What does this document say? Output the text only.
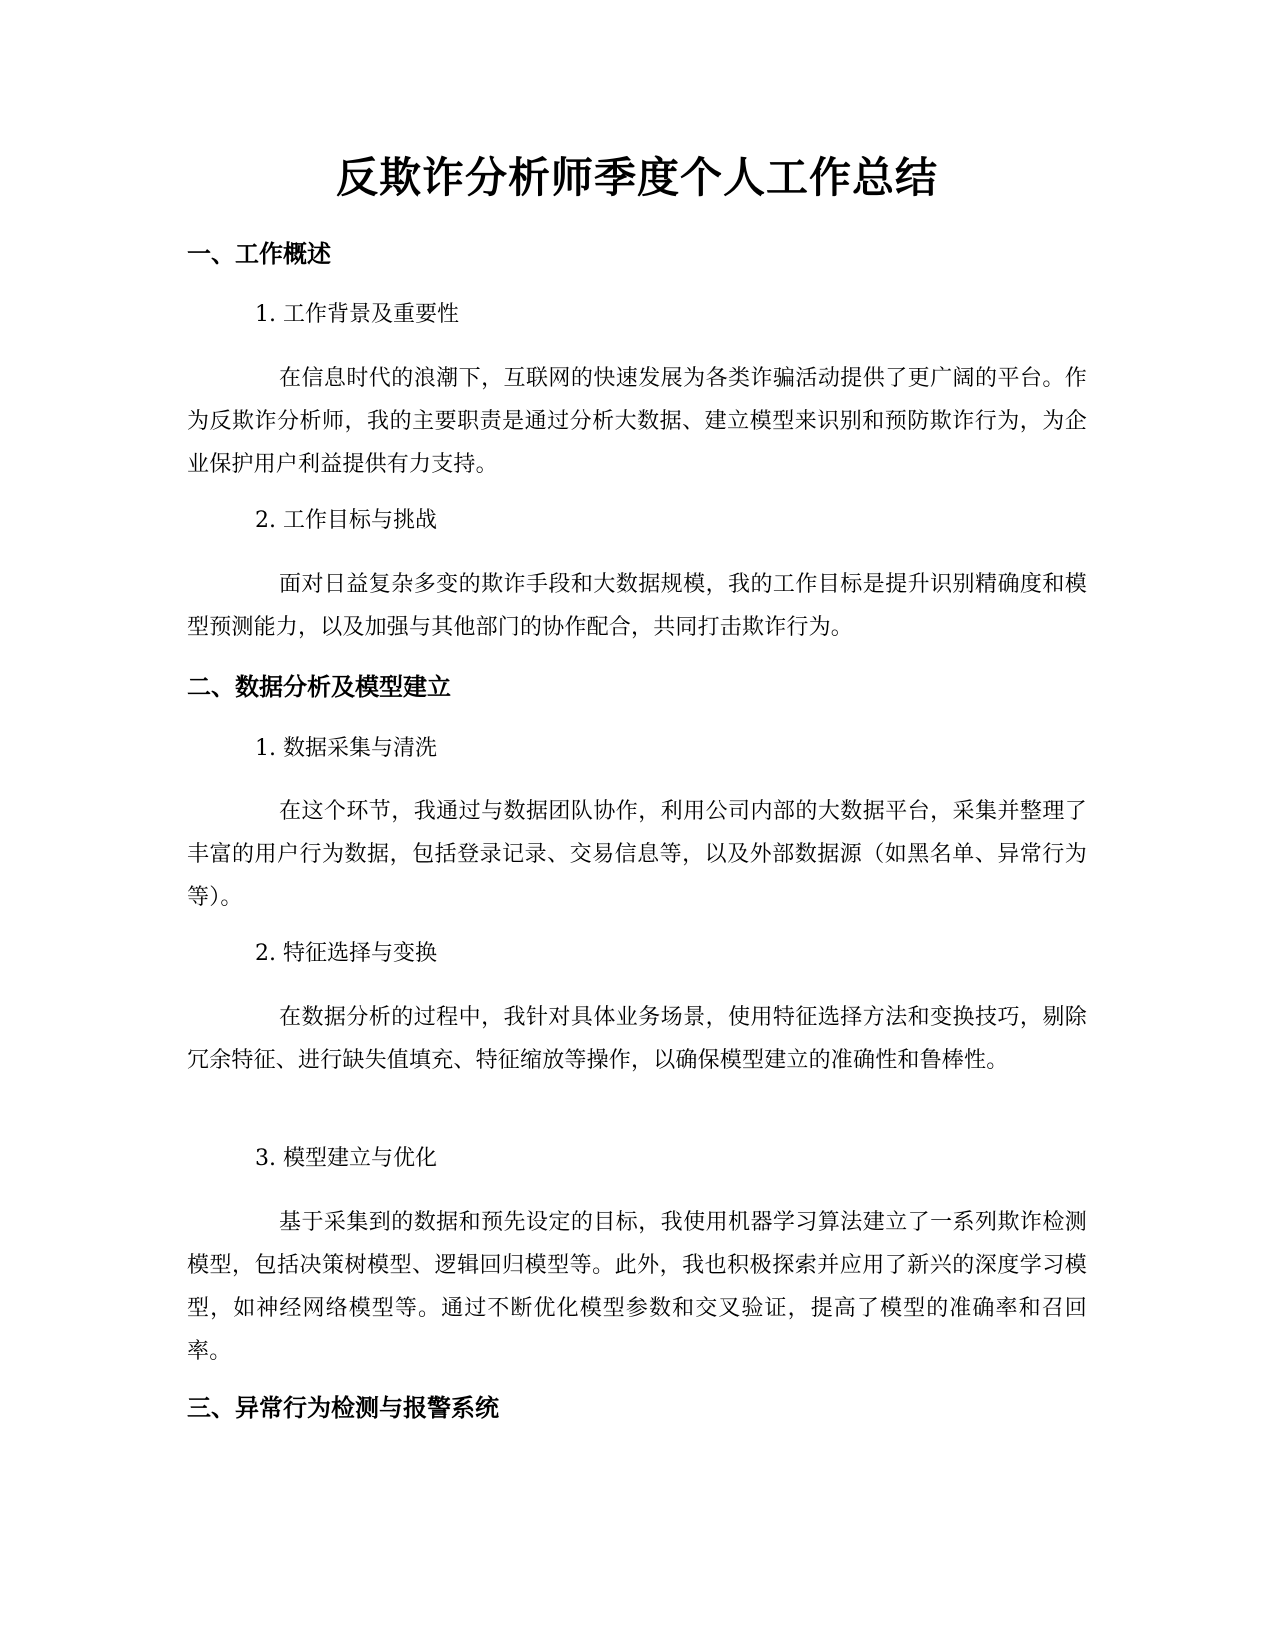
反欺诈分析师季度个人工作总结
一、工作概述
1. 工作背景及重要性

在信息时代的浪潮下，互联网的快速发展为各类诈骗活动提供了更广阔的平台。作为反欺诈分析师，我的主要职责是通过分析大数据、建立模型来识别和预防欺诈行为，为企业保护用户利益提供有力支持。

2. 工作目标与挑战

面对日益复杂多变的欺诈手段和大数据规模，我的工作目标是提升识别精确度和模型预测能力，以及加强与其他部门的协作配合，共同打击欺诈行为。

二、数据分析及模型建立
1. 数据采集与清洗

在这个环节，我通过与数据团队协作，利用公司内部的大数据平台，采集并整理了丰富的用户行为数据，包括登录记录、交易信息等，以及外部数据源（如黑名单、异常行为等）。

2. 特征选择与变换

在数据分析的过程中，我针对具体业务场景，使用特征选择方法和变换技巧，剔除冗余特征、进行缺失值填充、特征缩放等操作，以确保模型建立的准确性和鲁棒性。

3. 模型建立与优化

基于采集到的数据和预先设定的目标，我使用机器学习算法建立了一系列欺诈检测模型，包括决策树模型、逻辑回归模型等。此外，我也积极探索并应用了新兴的深度学习模型，如神经网络模型等。通过不断优化模型参数和交叉验证，提高了模型的准确率和召回率。

三、异常行为检测与报警系统
